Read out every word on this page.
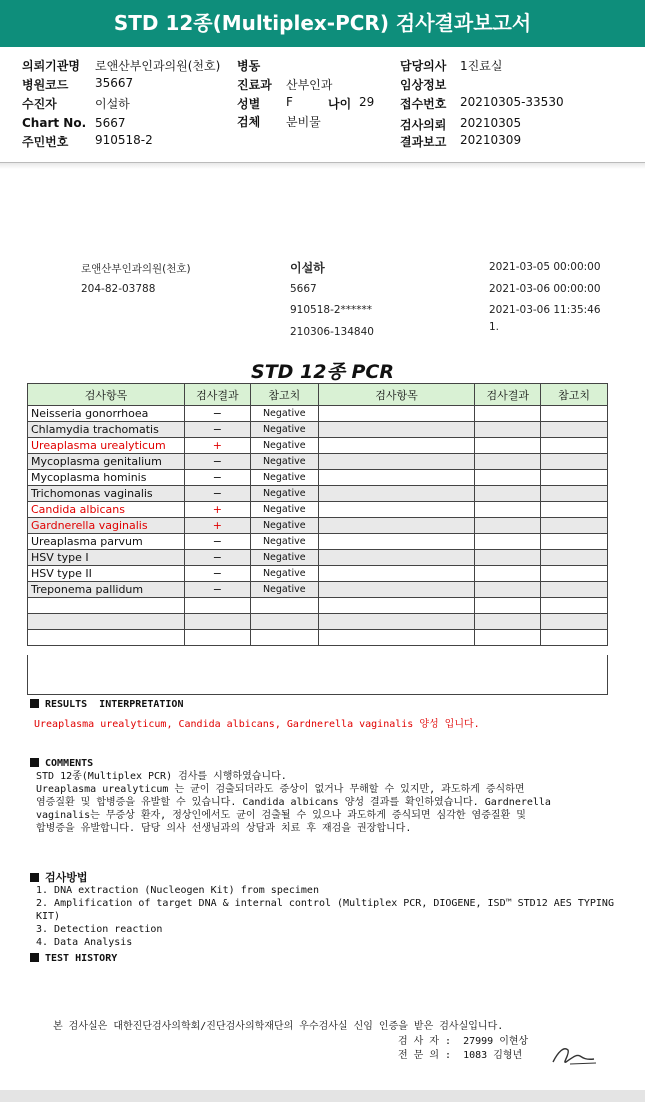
STD 12종(Multiplex-PCR) 검사결과보고서
의뢰기관명 로앤산부인과의원(천호) 병동	담당의사 1진료실
병원코드 35667	진료과 산부인과	임상정보
수진자	이설하	성별 F	나이 29 접수번호 20210305-33530
Chart No. 5667	검체 분비물	검사의뢰 20210305
주민번호 910518-2	결과보고 20210309
로앤산부인과의원(천호)
204-82-03788
이설하
5667
910518-2******
210306-134840
2021-03-05 00:00:00
2021-03-06 00:00:00
2021-03-06 11:35:46
1.
STD 12종 PCR
검사항목	검사결과	참고치	검사항목	검사결과	참고치
Neisseria gonorrhoea	−	Negative			
Chlamydia trachomatis	−	Negative			
Ureaplasma urealyticum	+	Negative			
Mycoplasma genitalium	−	Negative			
Mycoplasma hominis	−	Negative			
Trichomonas vaginalis	−	Negative			
Candida albicans	+	Negative			
Gardnerella vaginalis	+	Negative			
Ureaplasma parvum	−	Negative			
HSV type I	−	Negative			
HSV type II	−	Negative			
Treponema pallidum	−	Negative			

RESULTS  INTERPRETATION
Ureaplasma urealyticum, Candida albicans, Gardnerella vaginalis 양성 입니다.
COMMENTS
STD 12종(Multiplex PCR) 검사를 시행하였습니다.
Ureaplasma urealyticum 는 균이 검출되더라도 증상이 없거나 무해할 수 있지만, 과도하게 증식하면
염증질환 및 합병증을 유발할 수 있습니다. Candida albicans 양성 결과를 확인하였습니다. Gardnerella
vaginalis는 무증상 환자, 정상인에서도 균이 검출될 수 있으나 과도하게 증식되면 심각한 염증질환 및
합병증을 유발합니다. 담당 의사 선생님과의 상담과 치료 후 재검을 권장합니다.
검사방법
1. DNA extraction (Nucleogen Kit) from specimen
2. Amplification of target DNA & internal control (Multiplex PCR, DIOGENE, ISD™ STD12 AES TYPING
KIT)
3. Detection reaction
4. Data Analysis
TEST HISTORY
본 검사실은 대한진단검사의학회/진단검사의학재단의 우수검사실 신임 인증을 받은 검사실입니다.
검 사 자 : 27999 이현상
전 문 의 : 1083 김형년
